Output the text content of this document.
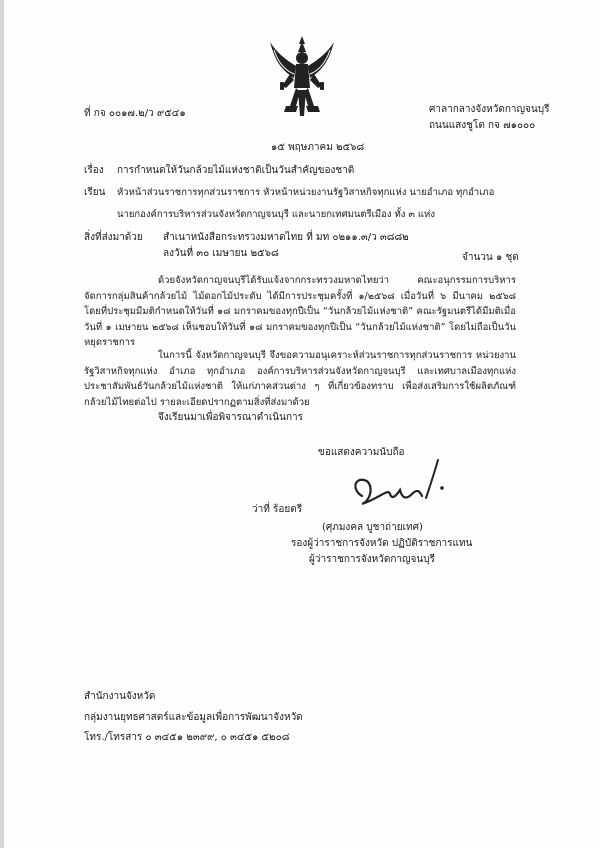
ที่ กจ ๐๐๑๗.๒/ว ๙๕๔๑	ศาลากลางจังหวัดกาญจนบุรี
ถนนแสงชูโต กจ ๗๑๐๐๐
๑๕ พฤษภาคม ๒๕๖๘
เรื่อง การกำหนดให้วันกล้วยไม้แห่งชาติเป็นวันสำคัญของชาติ
เรียน หัวหน้าส่วนราชการทุกส่วนราชการ หัวหน้าหน่วยงานรัฐวิสาหกิจทุกแห่ง นายอำเภอ ทุกอำเภอ
นายกองค์การบริหารส่วนจังหวัดกาญจนบุรี และนายกเทศมนตรีเมือง ทั้ง ๓ แห่ง
สิ่งที่ส่งมาด้วย สำเนาหนังสือกระทรวงมหาดไทย ที่ มท ๐๒๑๑.๓/ว ๓๘๘๒
ลงวันที่ ๓๐ เมษายน ๒๕๖๘	จำนวน ๑ ชุด
ด้วยจังหวัดกาญจนบุรีได้รับแจ้งจากกระทรวงมหาดไทยว่า คณะอนุกรรมการบริหารจัดการกลุ่มสินค้ากล้วยไม้ ไม้ดอกไม้ประดับ ได้มีการประชุมครั้งที่ ๑/๒๕๖๘ เมื่อวันที่ ๖ มีนาคม ๒๕๖๘ โดยที่ประชุมมีมติกำหนดให้วันที่ ๑๘ มกราคมของทุกปีเป็น “วันกล้วยไม้แห่งชาติ” คณะรัฐมนตรีได้มีมติเมื่อวันที่ ๑ เมษายน ๒๕๖๘ เห็นชอบให้วันที่ ๑๘ มกราคมของทุกปีเป็น “วันกล้วยไม้แห่งชาติ” โดยไม่ถือเป็นวันหยุดราชการ
ในการนี้ จังหวัดกาญจนบุรี จึงขอความอนุเคราะห์ส่วนราชการทุกส่วนราชการ หน่วยงานรัฐวิสาหกิจทุกแห่ง อำเภอ ทุกอำเภอ องค์การบริหารส่วนจังหวัดกาญจนบุรี และเทศบาลเมืองทุกแห่ง ประชาสัมพันธ์วันกล้วยไม้แห่งชาติ ให้แก่ภาคส่วนต่าง ๆ ที่เกี่ยวข้องทราบ เพื่อส่งเสริมการใช้ผลิตภัณฑ์กล้วยไม้ไทยต่อไป รายละเอียดปรากฏตามสิ่งที่ส่งมาด้วย
จึงเรียนมาเพื่อพิจารณาดำเนินการ
ขอแสดงความนับถือ
ว่าที่ ร้อยตรี
(ศุภมงคล บูชาถ่ายเทศ)
รองผู้ว่าราชการจังหวัด ปฏิบัติราชการแทน
ผู้ว่าราชการจังหวัดกาญจนบุรี
สำนักงานจังหวัด
กลุ่มงานยุทธศาสตร์และข้อมูลเพื่อการพัฒนาจังหวัด
โทร./โทรสาร ๐ ๓๔๕๑ ๒๓๙๙, ๐ ๓๔๕๑ ๕๒๐๘
